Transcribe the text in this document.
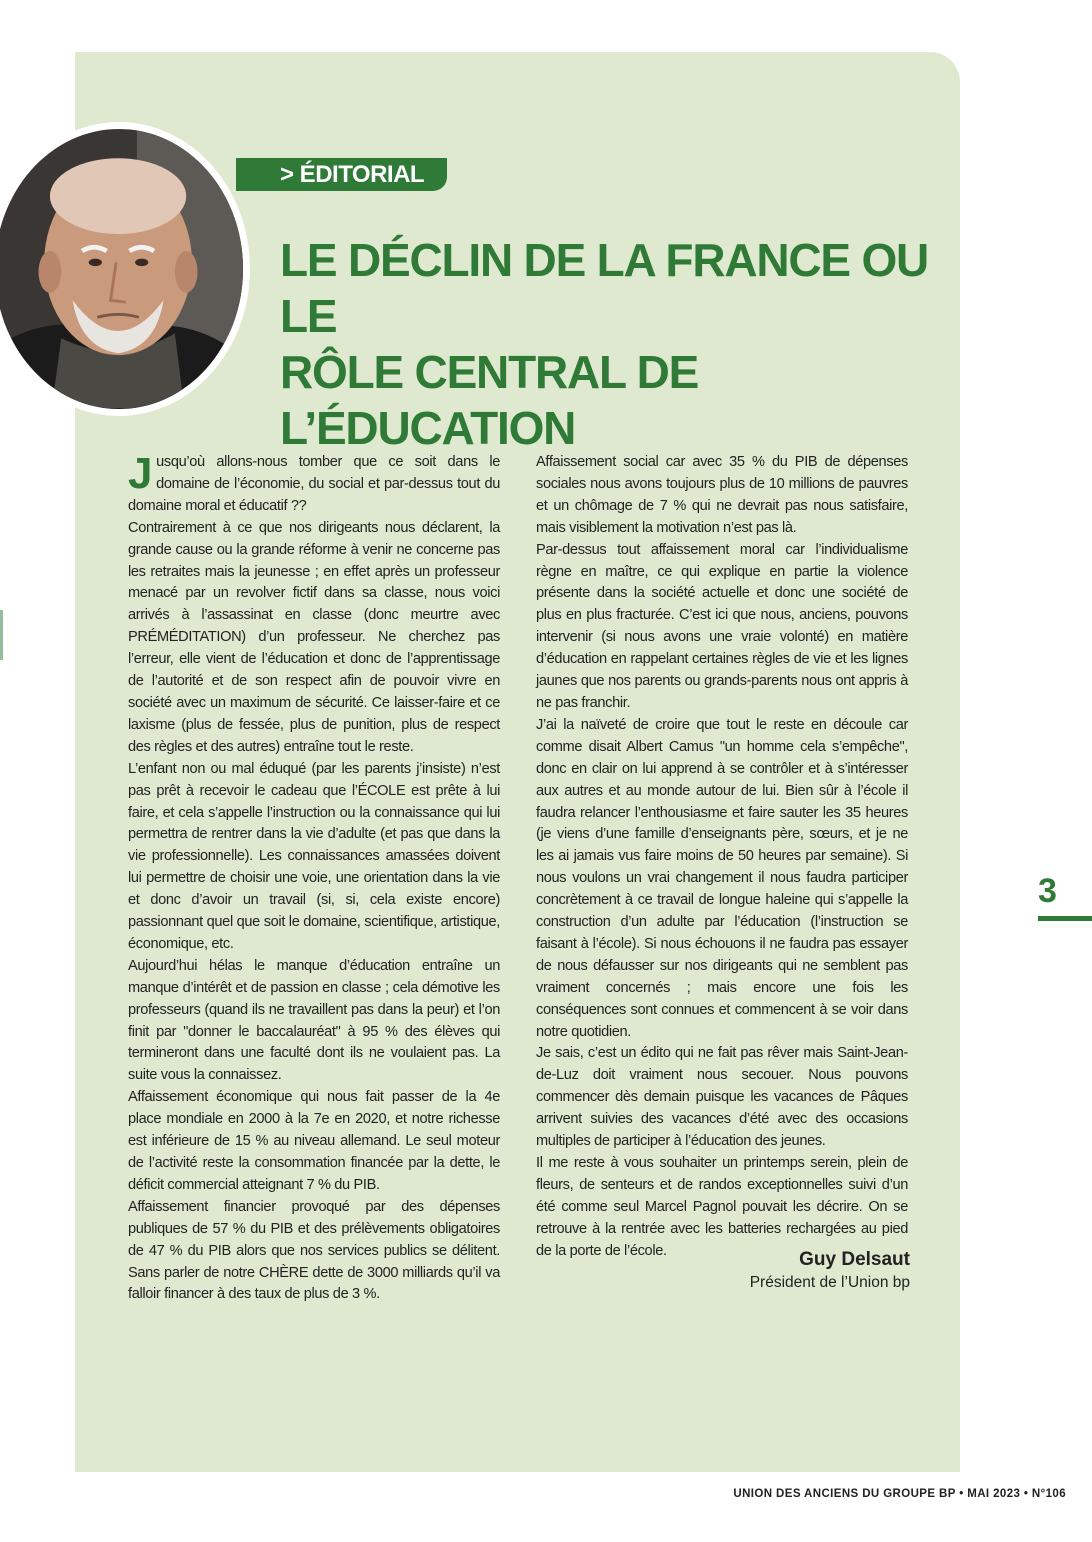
> ÉDITORIAL
LE DÉCLIN DE LA FRANCE OU LE
RÔLE CENTRAL DE L’ÉDUCATION

Jusqu’où allons-nous tomber que ce soit dans le domaine de l’économie, du social et par-dessus tout du domaine moral et éducatif ??

Contrairement à ce que nos dirigeants nous déclarent, la grande cause ou la grande réforme à venir ne concerne pas les retraites mais la jeunesse ; en effet après un professeur menacé par un revolver fictif dans sa classe, nous voici arrivés à l’assassinat en classe (donc meurtre avec PRÉMÉDITATION) d’un professeur. Ne cherchez pas l’erreur, elle vient de l’éducation et donc de l’apprentissage de l’autorité et de son respect afin de pouvoir vivre en société avec un maximum de sécurité. Ce laisser-faire et ce laxisme (plus de fessée, plus de punition, plus de respect des règles et des autres) entraîne tout le reste.

L’enfant non ou mal éduqué (par les parents j’insiste) n’est pas prêt à recevoir le cadeau que l’ÉCOLE est prête à lui faire, et cela s’appelle l’instruction ou la connaissance qui lui permettra de rentrer dans la vie d’adulte (et pas que dans la vie professionnelle). Les connaissances amassées doivent lui permettre de choisir une voie, une orientation dans la vie et donc d’avoir un travail (si, si, cela existe encore) passionnant quel que soit le domaine, scientifique, artistique, économique, etc.

Aujourd’hui hélas le manque d’éducation entraîne un manque d’intérêt et de passion en classe ; cela démotive les professeurs (quand ils ne travaillent pas dans la peur) et l’on finit par "donner le baccalauréat" à 95 % des élèves qui termineront dans une faculté dont ils ne voulaient pas. La suite vous la connaissez.

Affaissement économique qui nous fait passer de la 4e place mondiale en 2000 à la 7e en 2020, et notre richesse est inférieure de 15 % au niveau allemand. Le seul moteur de l’activité reste la consommation financée par la dette, le déficit commercial atteignant 7 % du PIB.

Affaissement financier provoqué par des dépenses publiques de 57 % du PIB et des prélèvements obligatoires de 47 % du PIB alors que nos services publics se délitent. Sans parler de notre CHÈRE dette de 3000 milliards qu’il va falloir financer à des taux de plus de 3 %.

Affaissement social car avec 35 % du PIB de dépenses sociales nous avons toujours plus de 10 millions de pauvres et un chômage de 7 % qui ne devrait pas nous satisfaire, mais visiblement la motivation n’est pas là.

Par-dessus tout affaissement moral car l’individualisme règne en maître, ce qui explique en partie la violence présente dans la société actuelle et donc une société de plus en plus fracturée. C’est ici que nous, anciens, pouvons intervenir (si nous avons une vraie volonté) en matière d’éducation en rappelant certaines règles de vie et les lignes jaunes que nos parents ou grands-parents nous ont appris à ne pas franchir.

J’ai la naïveté de croire que tout le reste en découle car comme disait Albert Camus "un homme cela s’empêche", donc en clair on lui apprend à se contrôler et à s’intéresser aux autres et au monde autour de lui. Bien sûr à l’école il faudra relancer l’enthousiasme et faire sauter les 35 heures (je viens d’une famille d’enseignants père, sœurs, et je ne les ai jamais vus faire moins de 50 heures par semaine). Si nous voulons un vrai changement il nous faudra participer concrètement à ce travail de longue haleine qui s’appelle la construction d’un adulte par l’éducation (l’instruction se faisant à l’école). Si nous échouons il ne faudra pas essayer de nous défausser sur nos dirigeants qui ne semblent pas vraiment concernés ; mais encore une fois les conséquences sont connues et commencent à se voir dans notre quotidien.

Je sais, c’est un édito qui ne fait pas rêver mais Saint-Jean-de-Luz doit vraiment nous secouer. Nous pouvons commencer dès demain puisque les vacances de Pâques arrivent suivies des vacances d’été avec des occasions multiples de participer à l’éducation des jeunes.

Il me reste à vous souhaiter un printemps serein, plein de fleurs, de senteurs et de randos exceptionnelles suivi d’un été comme seul Marcel Pagnol pouvait les décrire. On se retrouve à la rentrée avec les batteries rechargées au pied de la porte de l’école.	Guy Delsaut
Président de l’Union bp
3
UNION DES ANCIENS DU GROUPE BP • MAI 2023 • N°106
